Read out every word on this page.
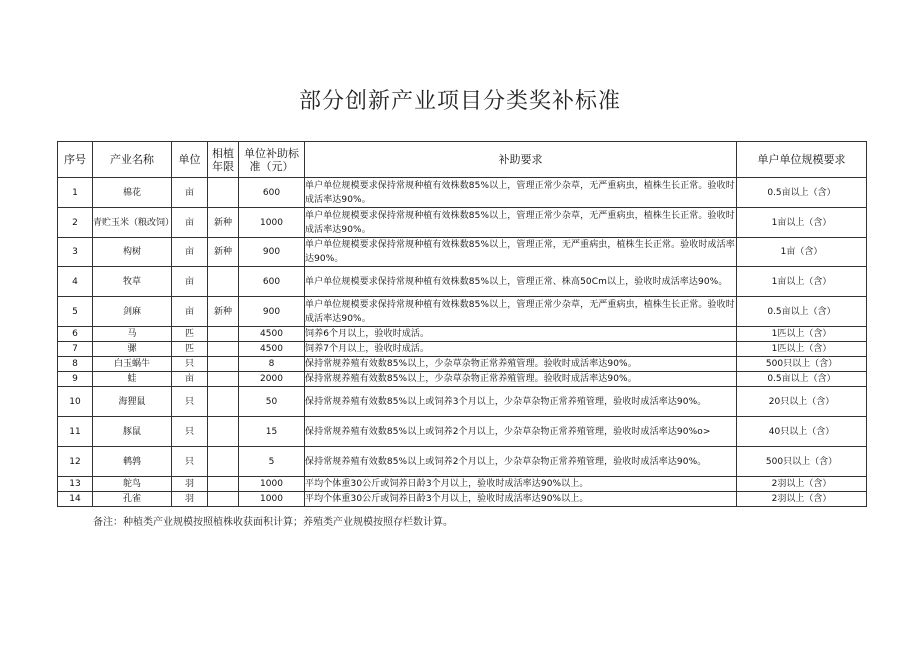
部分创新产业项目分类奖补标准
序号	产业名称	单位	相植年限	单位补助标准（元）	补助要求	单户单位规模要求
1	棉花	亩		600	单户单位规模要求保持常规种植有效株数85%以上，管理正常少杂草，无严重病虫，植株生长正常。验收时成活率达90%。	0.5亩以上（含）
2	青贮玉米（粮改饲）	亩	新种	1000	单户单位规模要求保持常规种植有效株数85%以上，管理正常少杂草，无严重病虫，植株生长正常。验收时成活率达90%。	1亩以上（含）
3	构树	亩	新种	900	单户单位规模要求保持常规种植有效株数85%以上，管理正常，无严重病虫，植株生长正常。验收时成活率达90%。	1亩（含）
4	牧草	亩		600	单户单位规模要求保持常规种植有效株数85%以上，管理正常、株高50Cm以上，验收时成活率达90%。	1亩以上（含）
5	剑麻	亩	新种	900	单户单位规模要求保持常规种植有效株数85%以上，管理正常少杂草，无严重病虫，植株生长正常。验收时成活率达90%。	0.5亩以上（含）
6	马	匹		4500	饲养6个月以上，验收时成活。	1匹以上（含）
7	骡	匹		4500	饲养7个月以上，验收时成活。	1匹以上（含）
8	白玉蜗牛	只		8	保持常规养殖有效数85%以上，少杂草杂物正常养殖管理。验收时成活率达90%。	500只以上（含）
9	蛙	亩		2000	保持常规养殖有效数85%以上，少杂草杂物正常养殖管理。验收时成活率达90%。	0.5亩以上（含）
10	海狸鼠	只		50	保持常规养殖有效数85%以上或饲养3个月以上，少杂草杂物正常养殖管理，验收时成活率达90%。	20只以上（含）
11	豚鼠	只		15	保持常规养殖有效数85%以上或饲养2个月以上，少杂草杂物正常养殖管理，验收时成活率达90%o>	40只以上（含）
12	鹌鹑	只		5	保持常规养殖有效数85%以上或饲养2个月以上，少杂草杂物正常养殖管理，验收时成活率达90%。	500只以上（含）
13	鸵鸟	羽		1000	平均个体重30公斤或饲养日龄3个月以上，验收时成活率达90%以上。	2羽以上（含）
14	孔雀	羽		1000	平均个体重30公斤或饲养日龄3个月以上，验收时成活率达90%以上。	2羽以上（含）
备注：种植类产业规模按照植株收获面积计算；养殖类产业规模按照存栏数计算。
